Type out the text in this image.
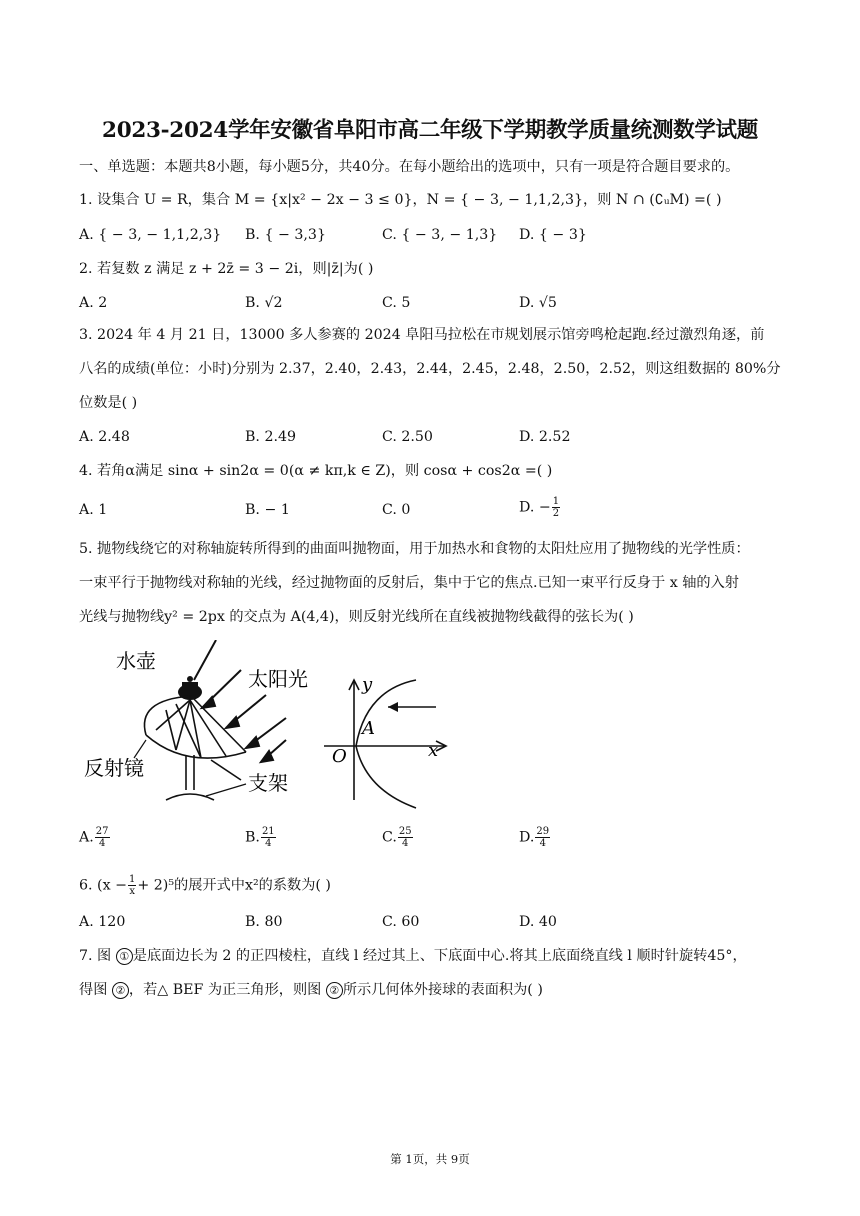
2023-2024学年安徽省阜阳市高二年级下学期教学质量统测数学试题
一、单选题：本题共8小题，每小题5分，共40分。在每小题给出的选项中，只有一项是符合题目要求的。
1. 设集合 U = R，集合 M = {x|x² − 2x − 3 ≤ 0}，N = { − 3, − 1,1,2,3}，则 N ∩ (∁ᵤM) =( )
A. { − 3, − 1,1,2,3} B. { − 3,3}	C. { − 3, − 1,3} D. { − 3}
2. 若复数 z 满足 z + 2z̄ = 3 − 2i，则|z̄|为( )
A. 2	B. √2	C. 5	D. √5
3. 2024 年 4 月 21 日，13000 多人参赛的 2024 阜阳马拉松在市规划展示馆旁鸣枪起跑.经过激烈角逐，前
八名的成绩(单位：小时)分别为 2.37，2.40，2.43，2.44，2.45，2.48，2.50，2.52，则这组数据的 80%分
位数是( )
A. 2.48	B. 2.49	C. 2.50	D. 2.52
4. 若角α满足 sinα + sin2α = 0(α ≠ kπ,k ∈ Z)，则 cosα + cos2α =( )
A. 1	B. − 1	C. 0	D. − $\frac{1}{2}$
5. 抛物线绕它的对称轴旋转所得到的曲面叫抛物面，用于加热水和食物的太阳灶应用了抛物线的光学性质：
一束平行于抛物线对称轴的光线，经过抛物面的反射后，集中于它的焦点.已知一束平行反身于 x 轴的入射
光线与抛物线y² = 2px 的交点为 A(4,4)，则反射光线所在直线被抛物线截得的弦长为( )
水壶
太阳光
反射镜
支架
y
x
O
A
A. $\frac{27}{4}$	B. $\frac{21}{4}$	C. $\frac{25}{4}$	D. $\frac{29}{4}$
6. $(x - \frac{1}{x} + 2)^5$的展开式中x²的系数为( )
A. 120	B. 80	C. 60	D. 40
7. 图 ① 是底面边长为 2 的正四棱柱，直线 l 经过其上、下底面中心.将其上底面绕直线 l 顺时针旋转45°，
得图 ② ，若△ BEF 为正三角形，则图 ② 所示几何体外接球的表面积为( )
第 1页，共 9页
